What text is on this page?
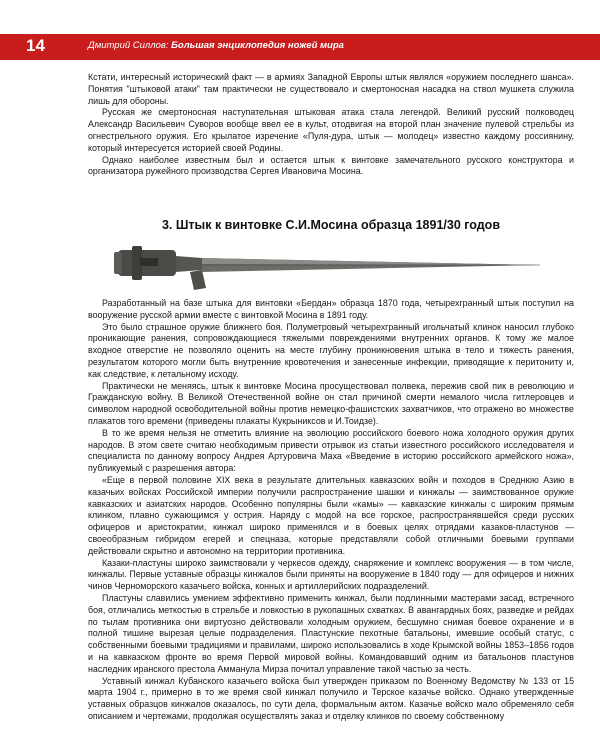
14	Дмитрий Силлов: Большая энциклопедия ножей мира

Кстати, интересный исторический факт — в армиях Западной Европы штык являлся «оружием последнего шанса». Понятия "штыковой атаки" там практически не существовало и смертоносная насадка на ствол мушкета служила лишь для обороны.

Русская же смертоносная наступательная штыковая атака стала легендой. Великий русский полководец Александр Васильевич Суворов вообще ввел ее в культ, отодвигая на второй план значение пулевой стрельбы из огнестрельного оружия. Его крылатое изречение «Пуля-дура, штык — молодец» известно каждому россиянину, который интересуется историей своей Родины.

Однако наиболее известным был и остается штык к винтовке замечательного русского конструктора и организатора ружейного производства Сергея Ивановича Мосина.

3. Штык к винтовке С.И.Мосина образца 1891/30 годов

Разработанный на базе штыка для винтовки «Бердан» образца 1870 года, четырехгранный штык поступил на вооружение русской армии вместе с винтовкой Мосина в 1891 году.

Это было страшное оружие ближнего боя. Полуметровый четырехгранный игольчатый клинок наносил глубоко проникающие ранения, сопровождающиеся тяжелыми повреждениями внутренних органов. К тому же малое входное отверстие не позволяло оценить на месте глубину проникновения штыка в тело и тяжесть ранения, результатом которого могли быть внутренние кровотечения и занесенные инфекции, приводящие к перитониту и, как следствие, к летальному исходу.

Практически не меняясь, штык к винтовке Мосина просуществовал полвека, пережив свой пик в революцию и Гражданскую войну. В Великой Отечественной войне он стал причиной смерти немалого числа гитлеровцев и символом народной освободительной войны против немецко-фашистских захватчиков, что отражено во множестве плакатов того времени (приведены плакаты Кукрыниксов и И.Тоидзе).

В то же время нельзя не отметить влияние на эволюцию российского боевого ножа холодного оружия других народов. В этом свете считаю необходимым привести отрывок из статьи известного российского исследователя и специалиста по данному вопросу Андрея Артуровича Маха «Введение в историю российского армейского ножа», публикуемый с разрешения автора:

«Еще в первой половине XIX века в результате длительных кавказских войн и походов в Среднюю Азию в казачьих войсках Российской империи получили распространение шашки и кинжалы — заимствованное оружие кавказских и азиатских народов. Особенно популярны были «камы» — кавказские кинжалы с широким прямым клинком, плавно сужающимся у острия. Наряду с модой на все горское, распространявшейся среди русских офицеров и аристократии, кинжал широко применялся и в боевых целях отрядами казаков-пластунов — своеобразным гибридом егерей и спецназа, которые представляли собой отличными боевыми группами действовали скрытно и автономно на территории противника.

Казаки-пластуны широко заимствовали у черкесов одежду, снаряжение и комплекс вооружения — в том числе, кинжалы. Первые уставные образцы кинжалов были приняты на вооружение в 1840 году — для офицеров и нижних чинов Черноморского казачьего войска, конных и артиллерийских подразделений.

Пластуны славились умением эффективно применить кинжал, были подлинными мастерами засад, встречного боя, отличались меткостью в стрельбе и ловкостью в рукопашных схватках. В авангардных боях, разведке и рейдах по тылам противника они виртуозно действовали холодным оружием, бесшумно снимая боевое охранение и в полной тишине вырезая целые подразделения. Пластунские пехотные батальоны, имевшие особый статус, с собственными боевыми традициями и правилами, широко использовались в ходе Крымской войны 1853–1856 годов и на кавказском фронте во время Первой мировой войны. Командовавший одним из батальонов пластунов наследник иранского престола Амманула Мирза почитал управление такой частью за честь.

Уставный кинжал Кубанского казачьего войска был утвержден приказом по Военному Ведомству № 133 от 15 марта 1904 г., примерно в то же время свой кинжал получило и Терское казачье войско. Однако утвержденные уставных образцов кинжалов оказалось, по сути дела, формальным актом. Казачье войско мало обременяло себя описанием и чертежами, продолжая осуществлять заказ и отделку клинков по своему собственному
